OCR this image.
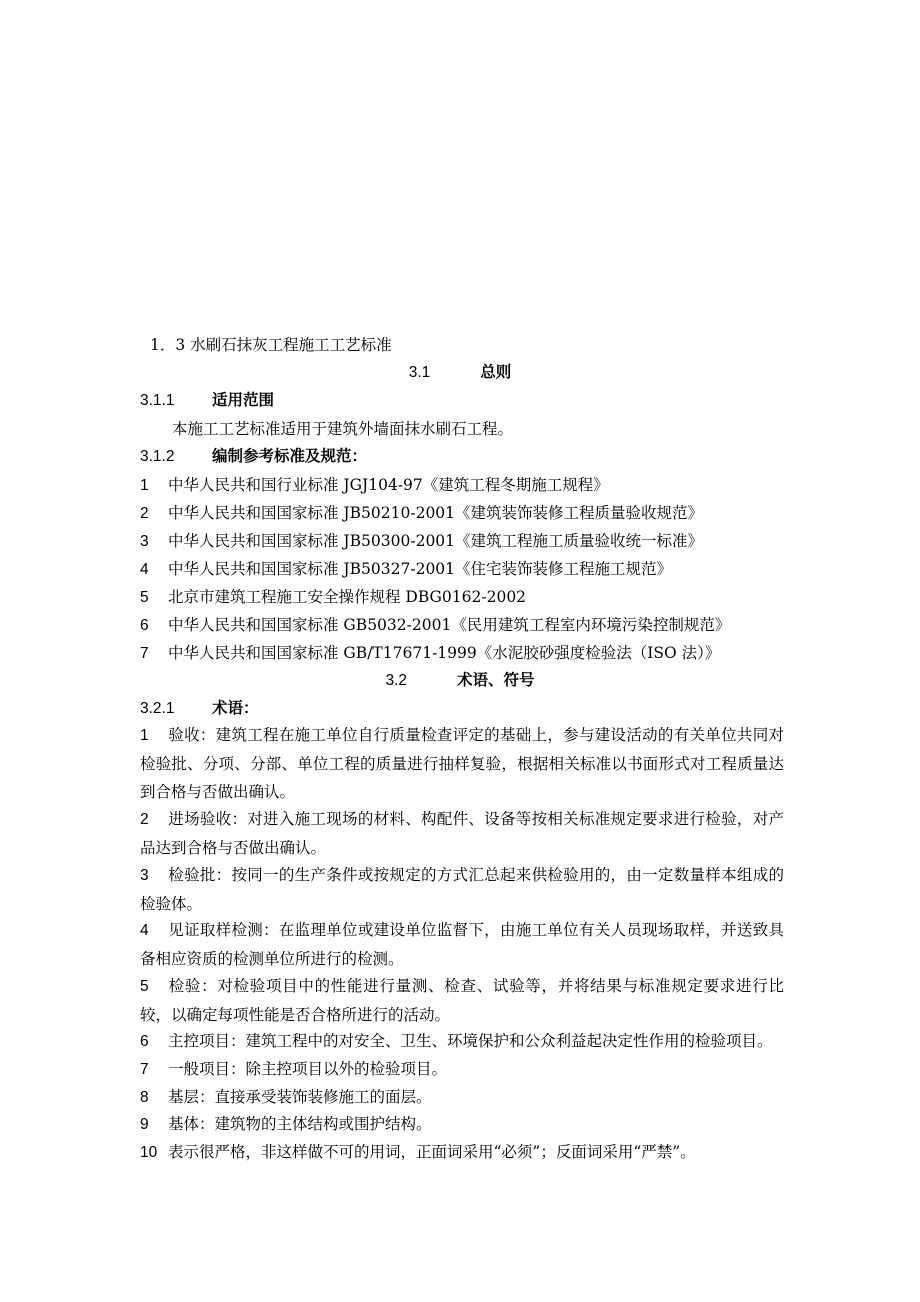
1．3 水刷石抹灰工程施工工艺标准
3.1	总则
3.1.1 适用范围
本施工工艺标准适用于建筑外墙面抹水刷石工程。
3.1.2 编制参考标准及规范：
1 中华人民共和国行业标准 JGJ104-97《建筑工程冬期施工规程》
2 中华人民共和国国家标准 JB50210-2001《建筑装饰装修工程质量验收规范》
3 中华人民共和国国家标准 JB50300-2001《建筑工程施工质量验收统一标准》
4 中华人民共和国国家标准 JB50327-2001《住宅装饰装修工程施工规范》
5 北京市建筑工程施工安全操作规程 DBG0162-2002
6 中华人民共和国国家标准 GB5032-2001《民用建筑工程室内环境污染控制规范》
7 中华人民共和国国家标准 GB/T17671-1999《水泥胶砂强度检验法（ISO 法）》
3.2	术语、符号
3.2.1 术语：
1 验收：建筑工程在施工单位自行质量检查评定的基础上，参与建设活动的有关单位共同对检验批、分项、分部、单位工程的质量进行抽样复验，根据相关标准以书面形式对工程质量达到合格与否做出确认。
2 进场验收：对进入施工现场的材料、构配件、设备等按相关标准规定要求进行检验，对产品达到合格与否做出确认。
3 检验批：按同一的生产条件或按规定的方式汇总起来供检验用的，由一定数量样本组成的检验体。
4 见证取样检测：在监理单位或建设单位监督下，由施工单位有关人员现场取样，并送致具备相应资质的检测单位所进行的检测。
5 检验：对检验项目中的性能进行量测、检查、试验等，并将结果与标准规定要求进行比较，以确定每项性能是否合格所进行的活动。
6 主控项目：建筑工程中的对安全、卫生、环境保护和公众利益起决定性作用的检验项目。
7 一般项目：除主控项目以外的检验项目。
8 基层：直接承受装饰装修施工的面层。
9 基体：建筑物的主体结构或围护结构。
10 表示很严格，非这样做不可的用词，正面词采用“必须”；反面词采用“严禁”。
